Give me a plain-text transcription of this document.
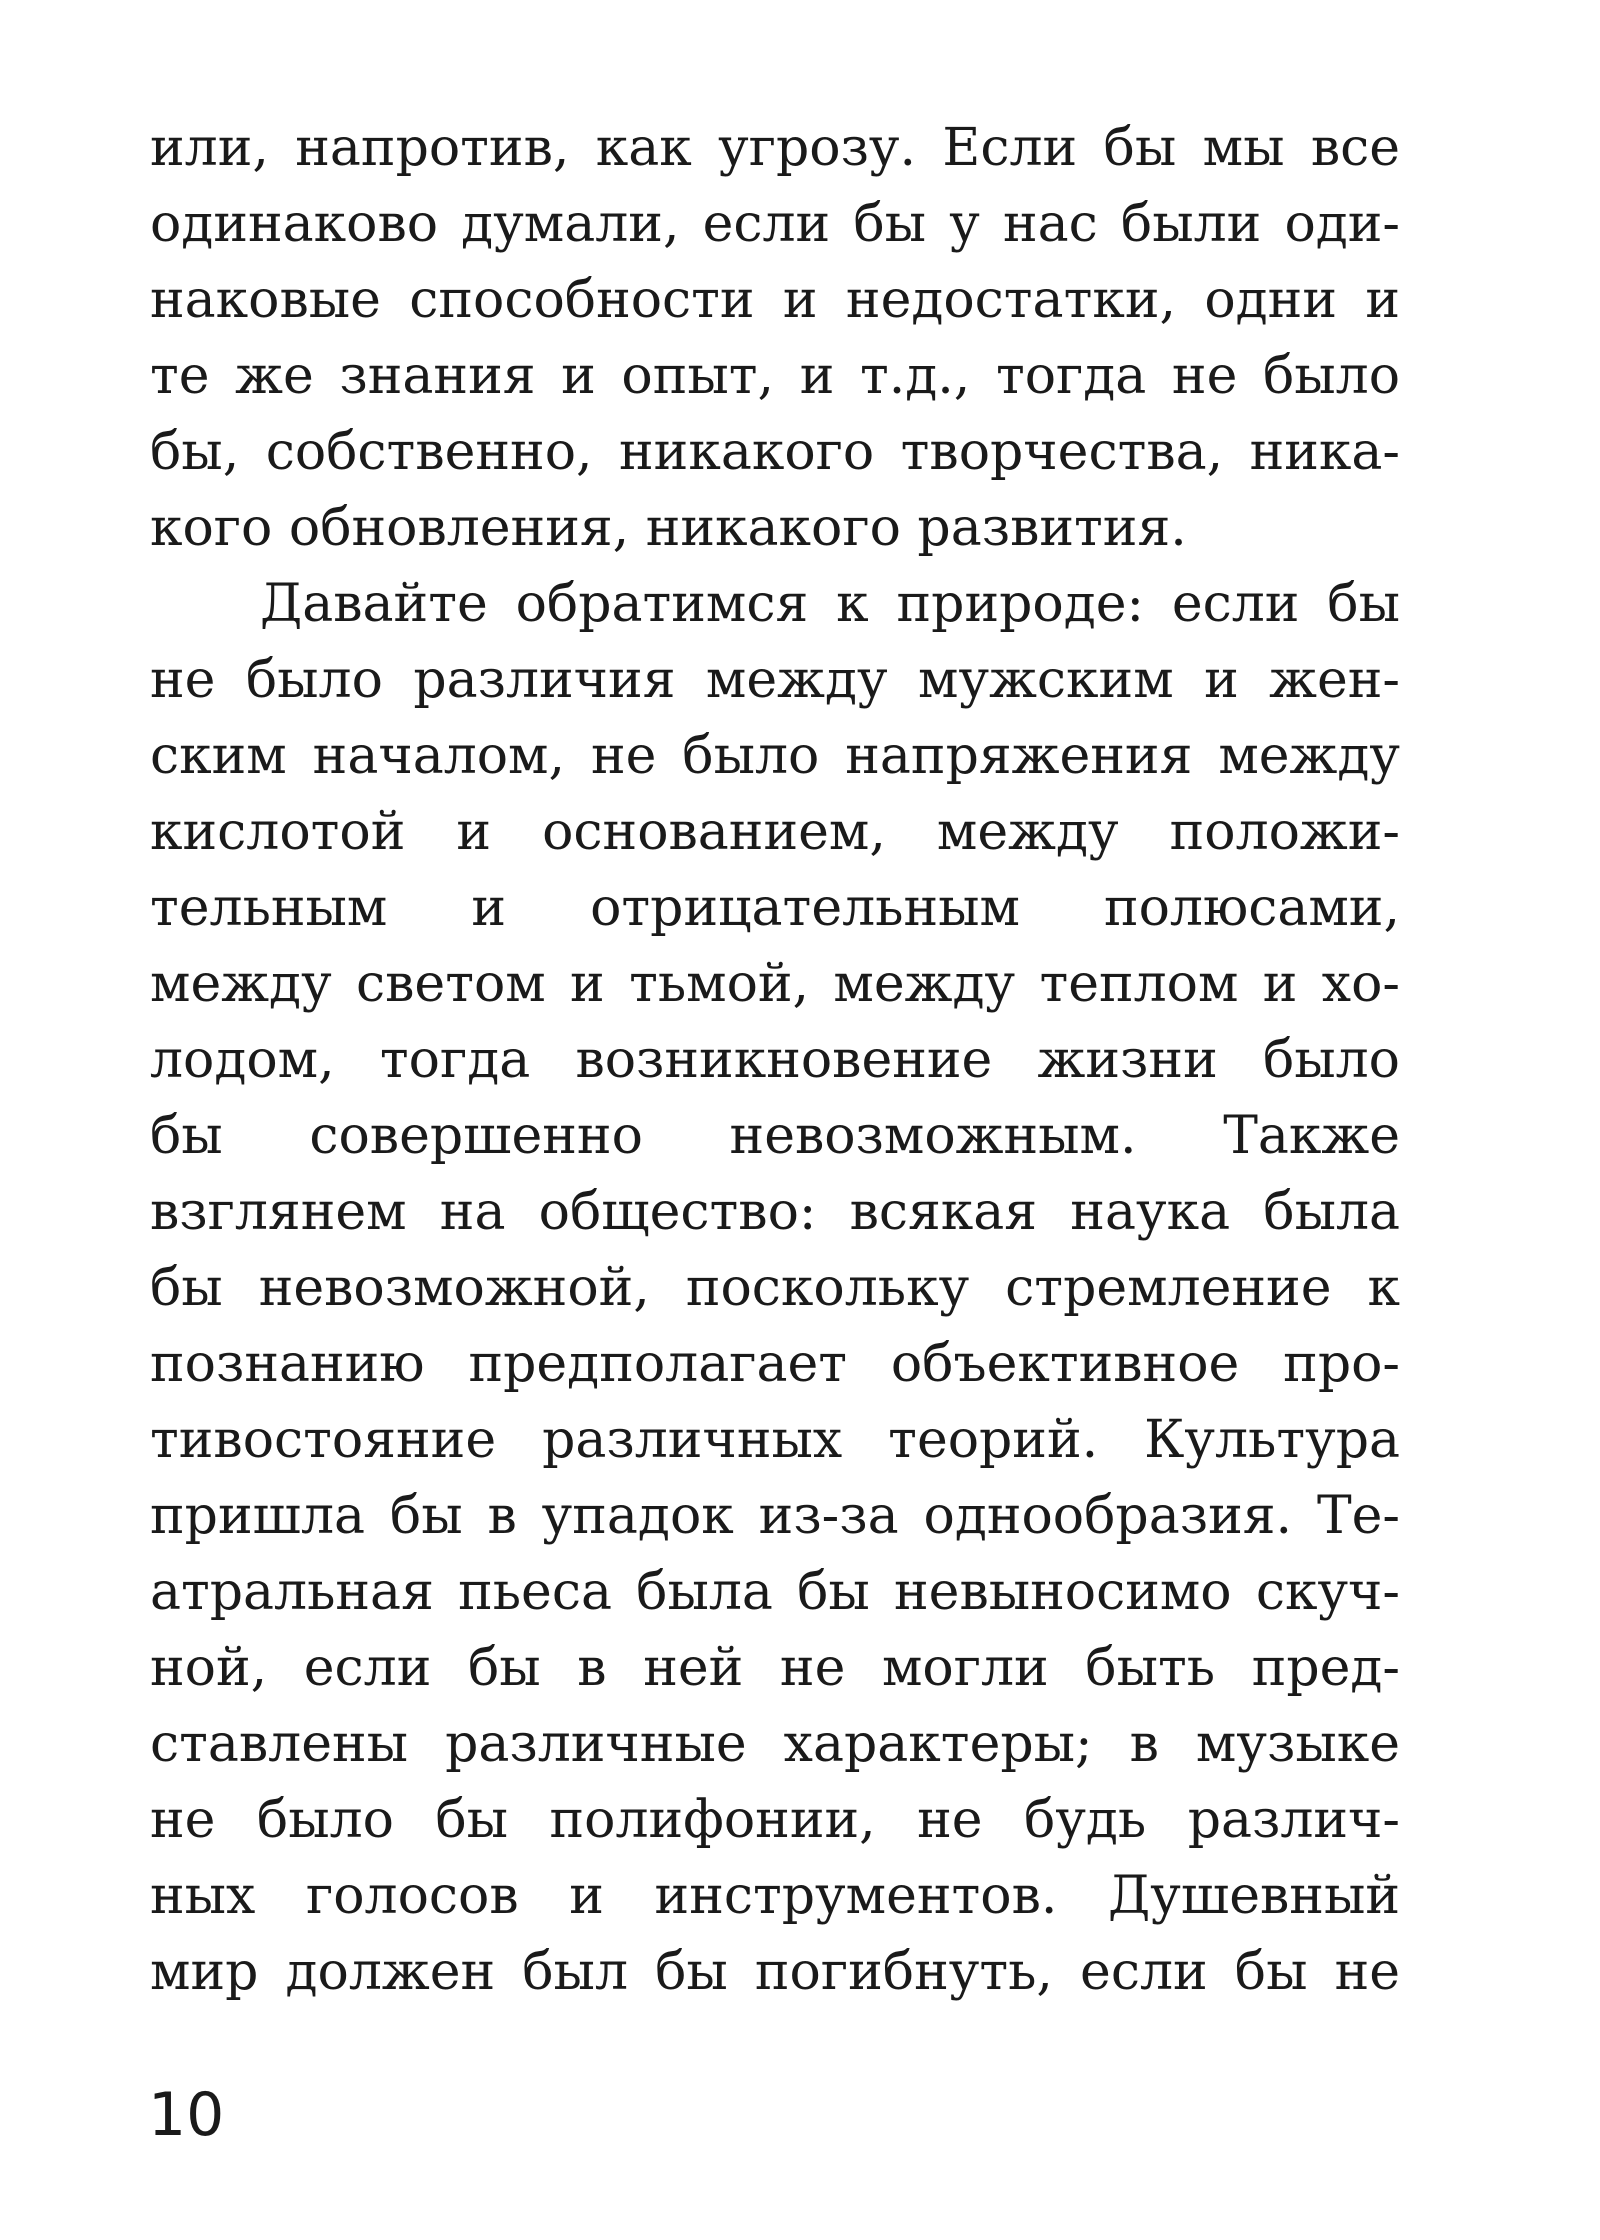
или, напротив, как угрозу. Если бы мы все
одинаково думали, если бы у нас были оди-
наковые способности и недостатки, одни и
те же знания и опыт, и т.д., тогда не было
бы, собственно, никакого творчества, ника-
кого обновления, никакого развития.
Давайте обратимся к природе: если бы
не было различия между мужским и жен-
ским началом, не было напряжения между
кислотой и основанием, между положи-
тельным и отрицательным полюсами,
между светом и тьмой, между теплом и хо-
лодом, тогда возникновение жизни было
бы совершенно невозможным. Также
взглянем на общество: всякая наука была
бы невозможной, поскольку стремление к
познанию предполагает объективное про-
тивостояние различных теорий. Культура
пришла бы в упадок из-за однообразия. Те-
атральная пьеса была бы невыносимо скуч-
ной, если бы в ней не могли быть пред-
ставлены различные характеры; в музыке
не было бы полифонии, не будь различ-
ных голосов и инструментов. Душевный
мир должен был бы погибнуть, если бы не
10
